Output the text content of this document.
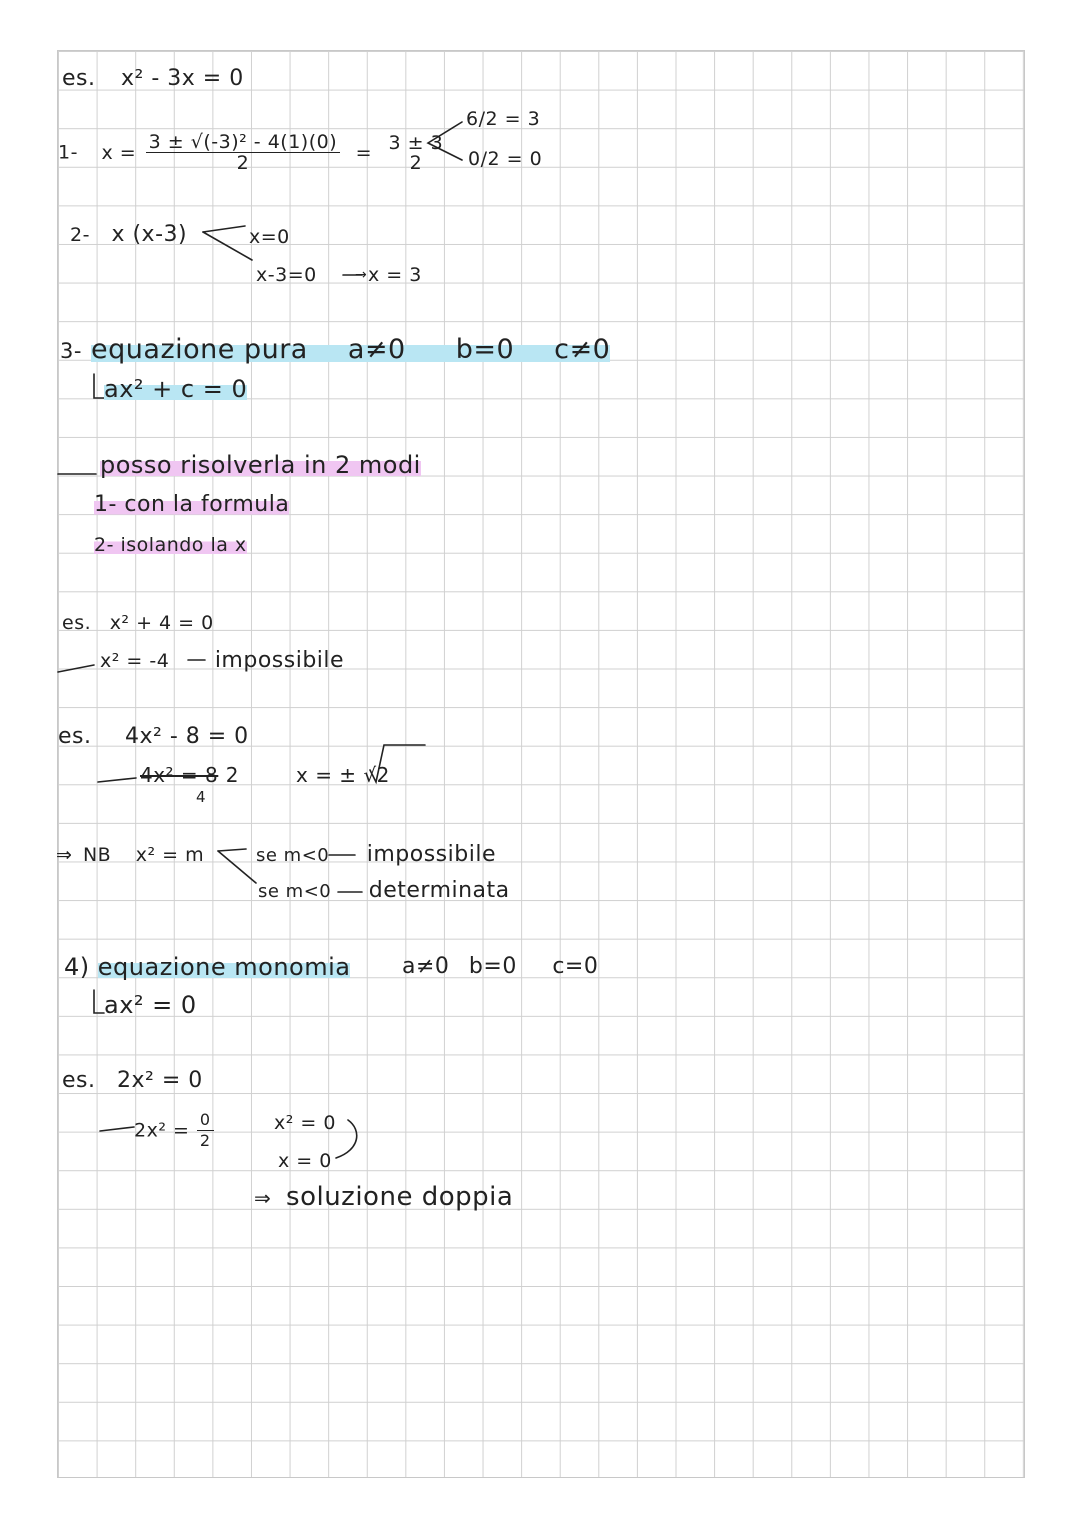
es. x² - 3x = 0
1- $x = \frac{\text{3 ± √(-3)² - 4(1)(0)}}{2} = 3 \pm 3$
2
6/2 = 3
0/2 = 0
2- x (x-3)	x=0
x-3=0	→ x = 3
3- equazione pura a≠0 b=0 c≠0
ax² + c = 0
posso risolverla in 2 modi
1- con la formula
2- isolando la x
es. x² + 4 = 0
x² = -4 impossibile
es. 4x² - 8 = 0
4x² = 8 2
4
x = ± √2
⇒ NB x² = m	se m<0 impossibile
se m<0 determinata
4) equazione monomia a≠0 b=0 c=0
ax² = 0
es. 2x² = 0
$2x^2 = \frac{0}{2}$	x² = 0
x = 0
⇒ soluzione doppia
